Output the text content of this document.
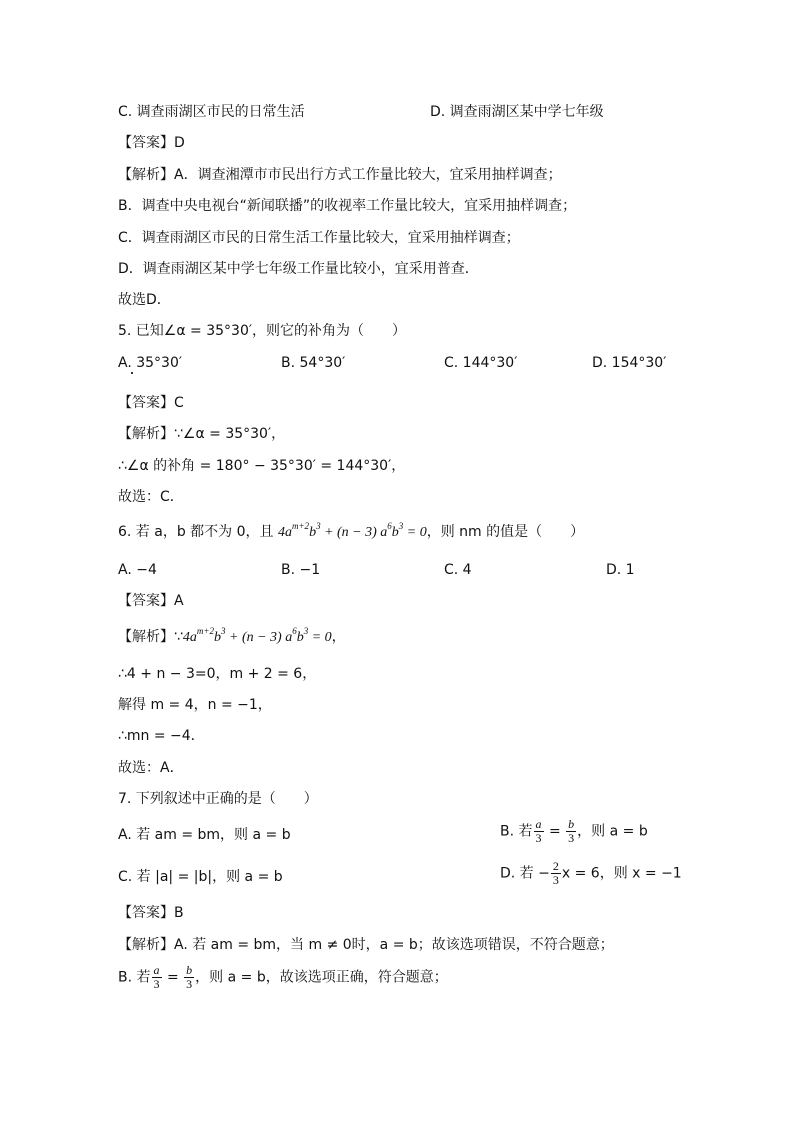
C. 调查雨湖区市民的日常生活	D. 调查雨湖区某中学七年级
【答案】D
【解析】A．调查湘潭市市民出行方式工作量比较大，宜采用抽样调查；
B．调查中央电视台“新闻联播”的收视率工作量比较大，宜采用抽样调查；
C．调查雨湖区市民的日常生活工作量比较大，宜采用抽样调查；
D．调查雨湖区某中学七年级工作量比较小，宜采用普查．
故选D．
5. 已知∠α = 35°30′，则它的补角为（　　）
A. 35°30′	B. 54°30′	C. 144°30′	D. 154°30′
【答案】C
【解析】∵∠α = 35°30′，
∴∠α 的补角 = 180° − 35°30′ = 144°30′，
故选：C．
6. 若 a，b 都不为 0，且 $4a^{m+2}b^3 + (n - 3) a^6b^3 = 0$，则 nm 的值是（　　）
A. −4	B. −1	C. 4	D. 1
【答案】A
【解析】$\because 4a^{m+2}b^3 + (n - 3) a^6b^3 = 0$，
∴4 + n − 3=0，m + 2 = 6，
解得 m = 4，n = −1，
∴mn = −4．
故选：A．
7. 下列叙述中正确的是（　　）
A. 若 am = bm，则 a = b	B. 若 $\frac{a}{3} = \frac{b}{3}$ ，则 a = b
C. 若 |a| = |b|，则 a = b	D. 若 − $\frac{2}{3}$ x = 6，则 x = −1
【答案】B
【解析】A. 若 am = bm，当 m ≠ 0时，a = b；故该选项错误，不符合题意；
B. 若 $\frac{a}{3} = \frac{b}{3}$ ，则 a = b，故该选项正确，符合题意；
